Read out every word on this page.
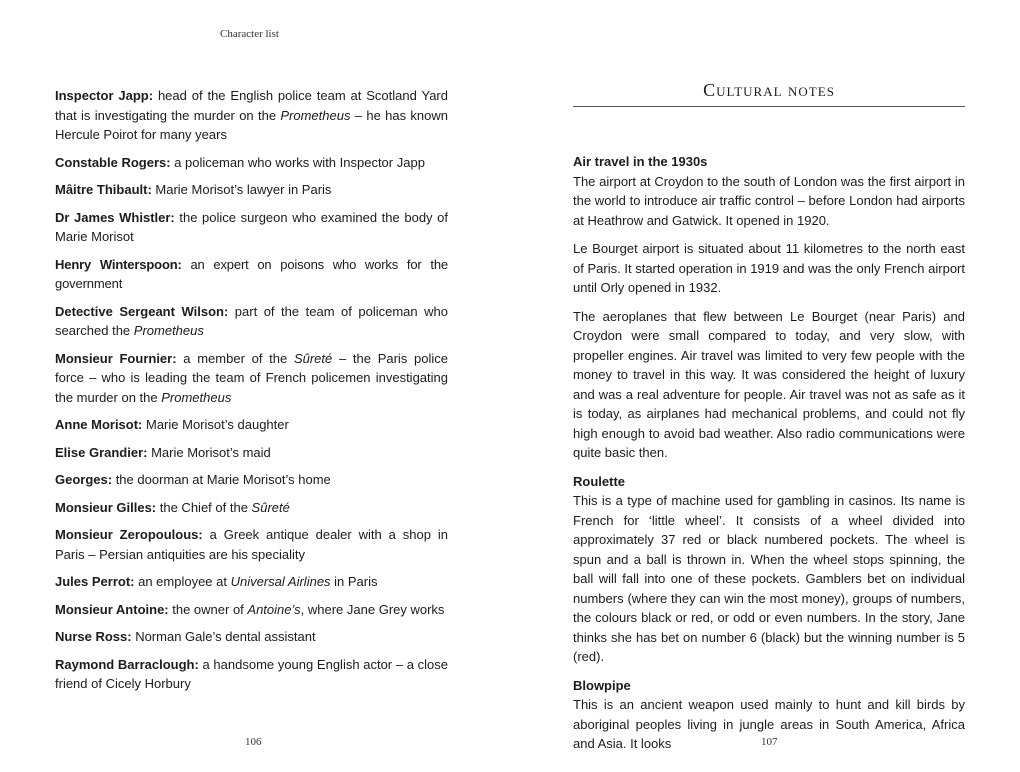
Character list

Inspector Japp: head of the English police team at Scotland Yard that is investigating the murder on the Prometheus – he has known Hercule Poirot for many years

Constable Rogers: a policeman who works with Inspector Japp

Mâitre Thibault: Marie Morisot’s lawyer in Paris

Dr James Whistler: the police surgeon who examined the body of Marie Morisot

Henry Winterspoon: an expert on poisons who works for the government

Detective Sergeant Wilson: part of the team of policeman who searched the Prometheus

Monsieur Fournier: a member of the Sûreté – the Paris police force – who is leading the team of French policemen investigating the murder on the Prometheus

Anne Morisot: Marie Morisot’s daughter

Elise Grandier: Marie Morisot’s maid

Georges: the doorman at Marie Morisot’s home

Monsieur Gilles: the Chief of the Sûreté

Monsieur Zeropoulous: a Greek antique dealer with a shop in Paris – Persian antiquities are his speciality

Jules Perrot: an employee at Universal Airlines in Paris

Monsieur Antoine: the owner of Antoine’s, where Jane Grey works

Nurse Ross: Norman Gale’s dental assistant

Raymond Barraclough: a handsome young English actor – a close friend of Cicely Horbury

106
Cultural notes

Air travel in the 1930s

The airport at Croydon to the south of London was the first airport in the world to introduce air traffic control – before London had airports at Heathrow and Gatwick. It opened in 1920.

Le Bourget airport is situated about 11 kilometres to the north east of Paris. It started operation in 1919 and was the only French airport until Orly opened in 1932.

The aeroplanes that flew between Le Bourget (near Paris) and Croydon were small compared to today, and very slow, with propeller engines. Air travel was limited to very few people with the money to travel in this way. It was considered the height of luxury and was a real adventure for people. Air travel was not as safe as it is today, as airplanes had mechanical problems, and could not fly high enough to avoid bad weather. Also radio communications were quite basic then.

Roulette

This is a type of machine used for gambling in casinos. Its name is French for ‘little wheel’. It consists of a wheel divided into approximately 37 red or black numbered pockets. The wheel is spun and a ball is thrown in. When the wheel stops spinning, the ball will fall into one of these pockets. Gamblers bet on individual numbers (where they can win the most money), groups of numbers, the colours black or red, or odd or even numbers. In the story, Jane thinks she has bet on number 6 (black) but the winning number is 5 (red).

Blowpipe

This is an ancient weapon used mainly to hunt and kill birds by aboriginal peoples living in jungle areas in South America, Africa and Asia. It looks	107
